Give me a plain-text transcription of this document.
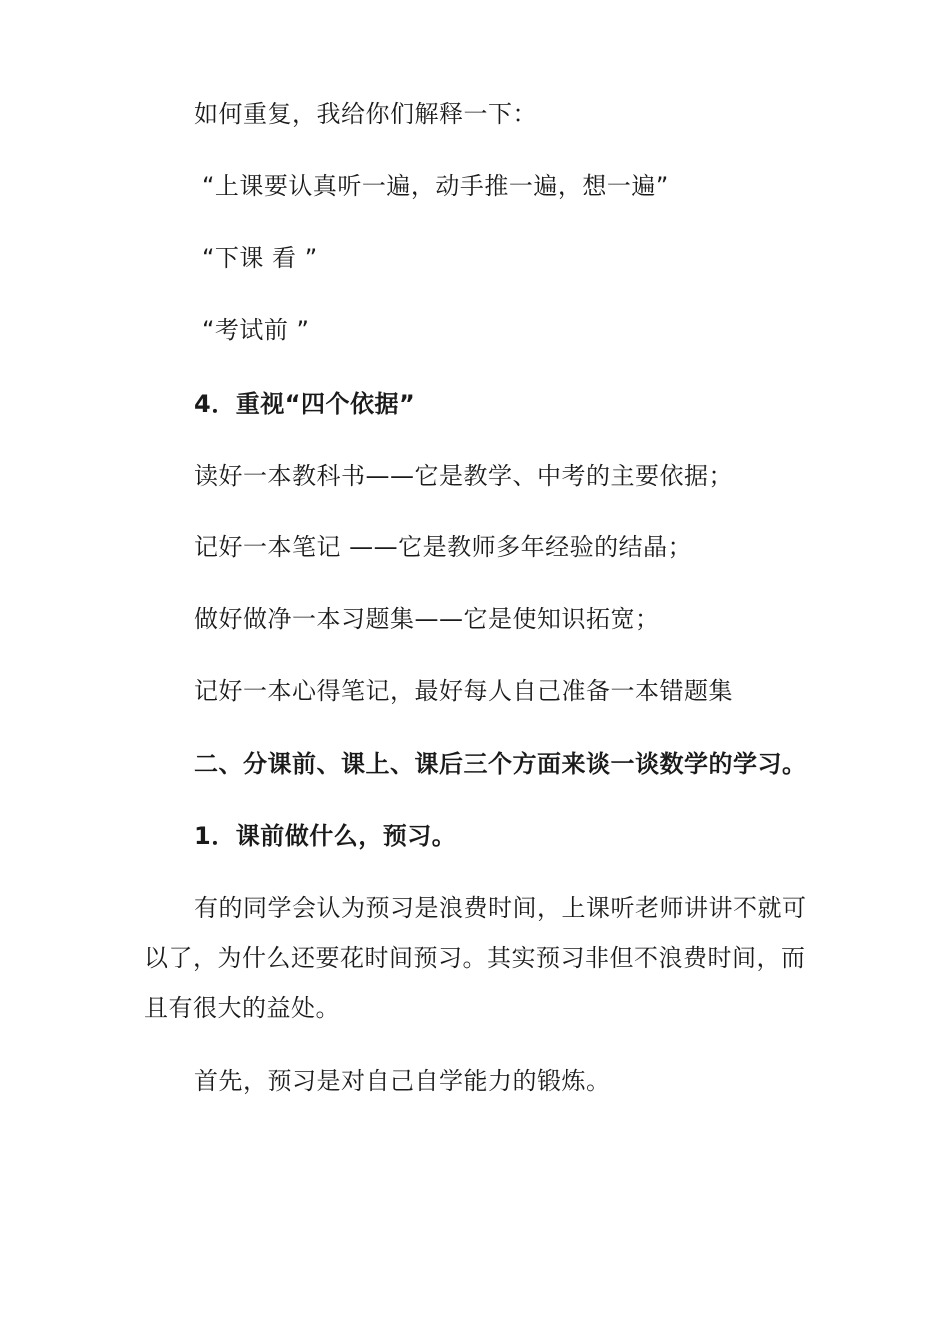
如何重复，我给你们解释一下：
“上课要认真听一遍，动手推一遍，想一遍”
“下课 看 ”
“考试前 ”
4．重视“四个依据”
读好一本教科书——它是教学、中考的主要依据；
记好一本笔记 ——它是教师多年经验的结晶；
做好做净一本习题集——它是使知识拓宽；
记好一本心得笔记，最好每人自己准备一本错题集
二、分课前、课上、课后三个方面来谈一谈数学的学习。
1．课前做什么，预习。
有的同学会认为预习是浪费时间，上课听老师讲讲不就可以了，为什么还要花时间预习。其实预习非但不浪费时间，而且有很大的益处。
首先，预习是对自己自学能力的锻炼。
